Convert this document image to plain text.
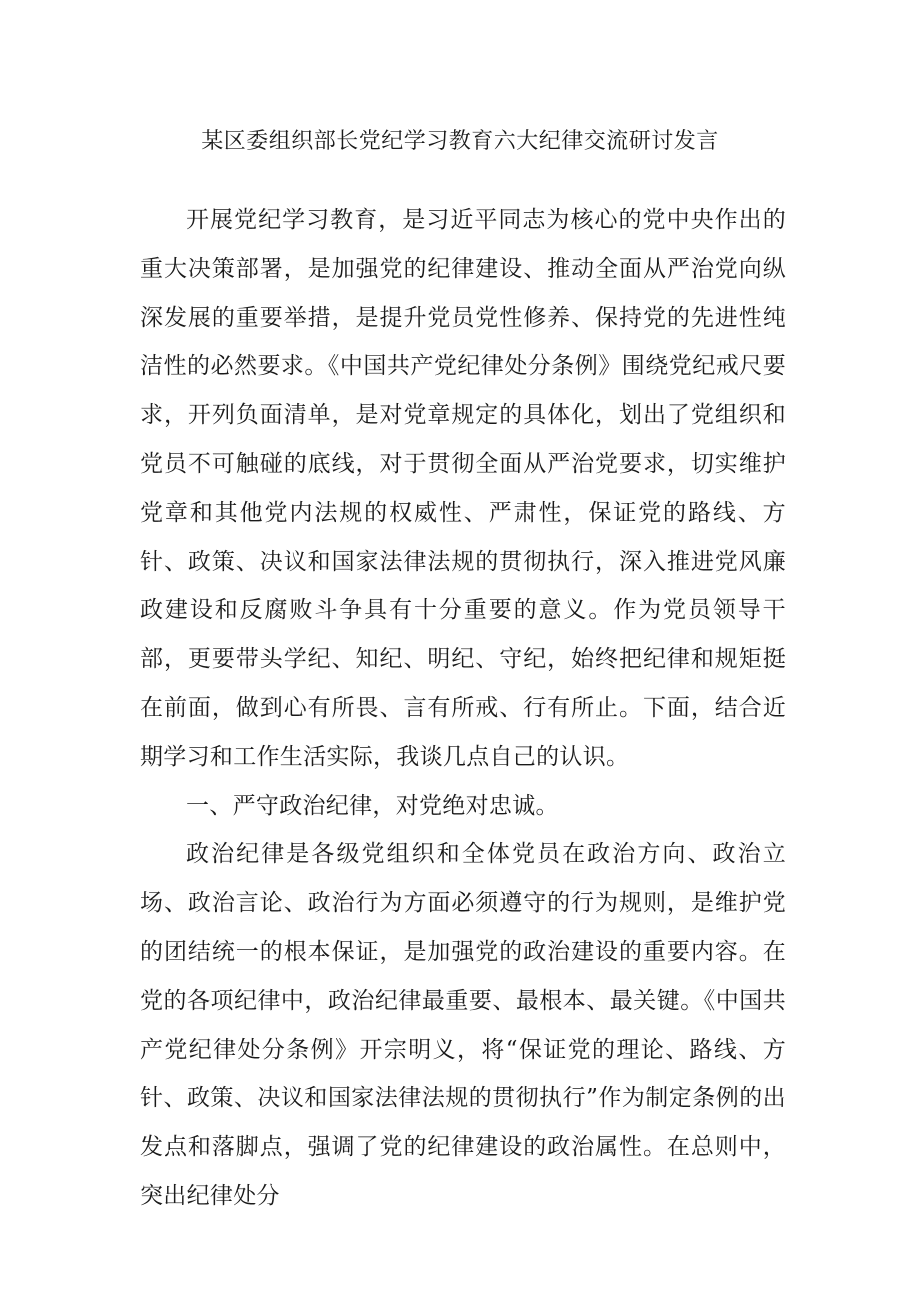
某区委组织部长党纪学习教育六大纪律交流研讨发言

开展党纪学习教育，是习近平同志为核心的党中央作出的重大决策部署，是加强党的纪律建设、推动全面从严治党向纵深发展的重要举措，是提升党员党性修养、保持党的先进性纯洁性的必然要求。《中国共产党纪律处分条例》围绕党纪戒尺要求，开列负面清单，是对党章规定的具体化，划出了党组织和党员不可触碰的底线，对于贯彻全面从严治党要求，切实维护党章和其他党内法规的权威性、严肃性，保证党的路线、方针、政策、决议和国家法律法规的贯彻执行，深入推进党风廉政建设和反腐败斗争具有十分重要的意义。作为党员领导干部，更要带头学纪、知纪、明纪、守纪，始终把纪律和规矩挺在前面，做到心有所畏、言有所戒、行有所止。下面，结合近期学习和工作生活实际，我谈几点自己的认识。

一、严守政治纪律，对党绝对忠诚。

政治纪律是各级党组织和全体党员在政治方向、政治立场、政治言论、政治行为方面必须遵守的行为规则，是维护党的团结统一的根本保证，是加强党的政治建设的重要内容。在党的各项纪律中，政治纪律最重要、最根本、最关键。《中国共产党纪律处分条例》开宗明义，将“保证党的理论、路线、方针、政策、决议和国家法律法规的贯彻执行”作为制定条例的出发点和落脚点，强调了党的纪律建设的政治属性。在总则中，突出纪律处分
